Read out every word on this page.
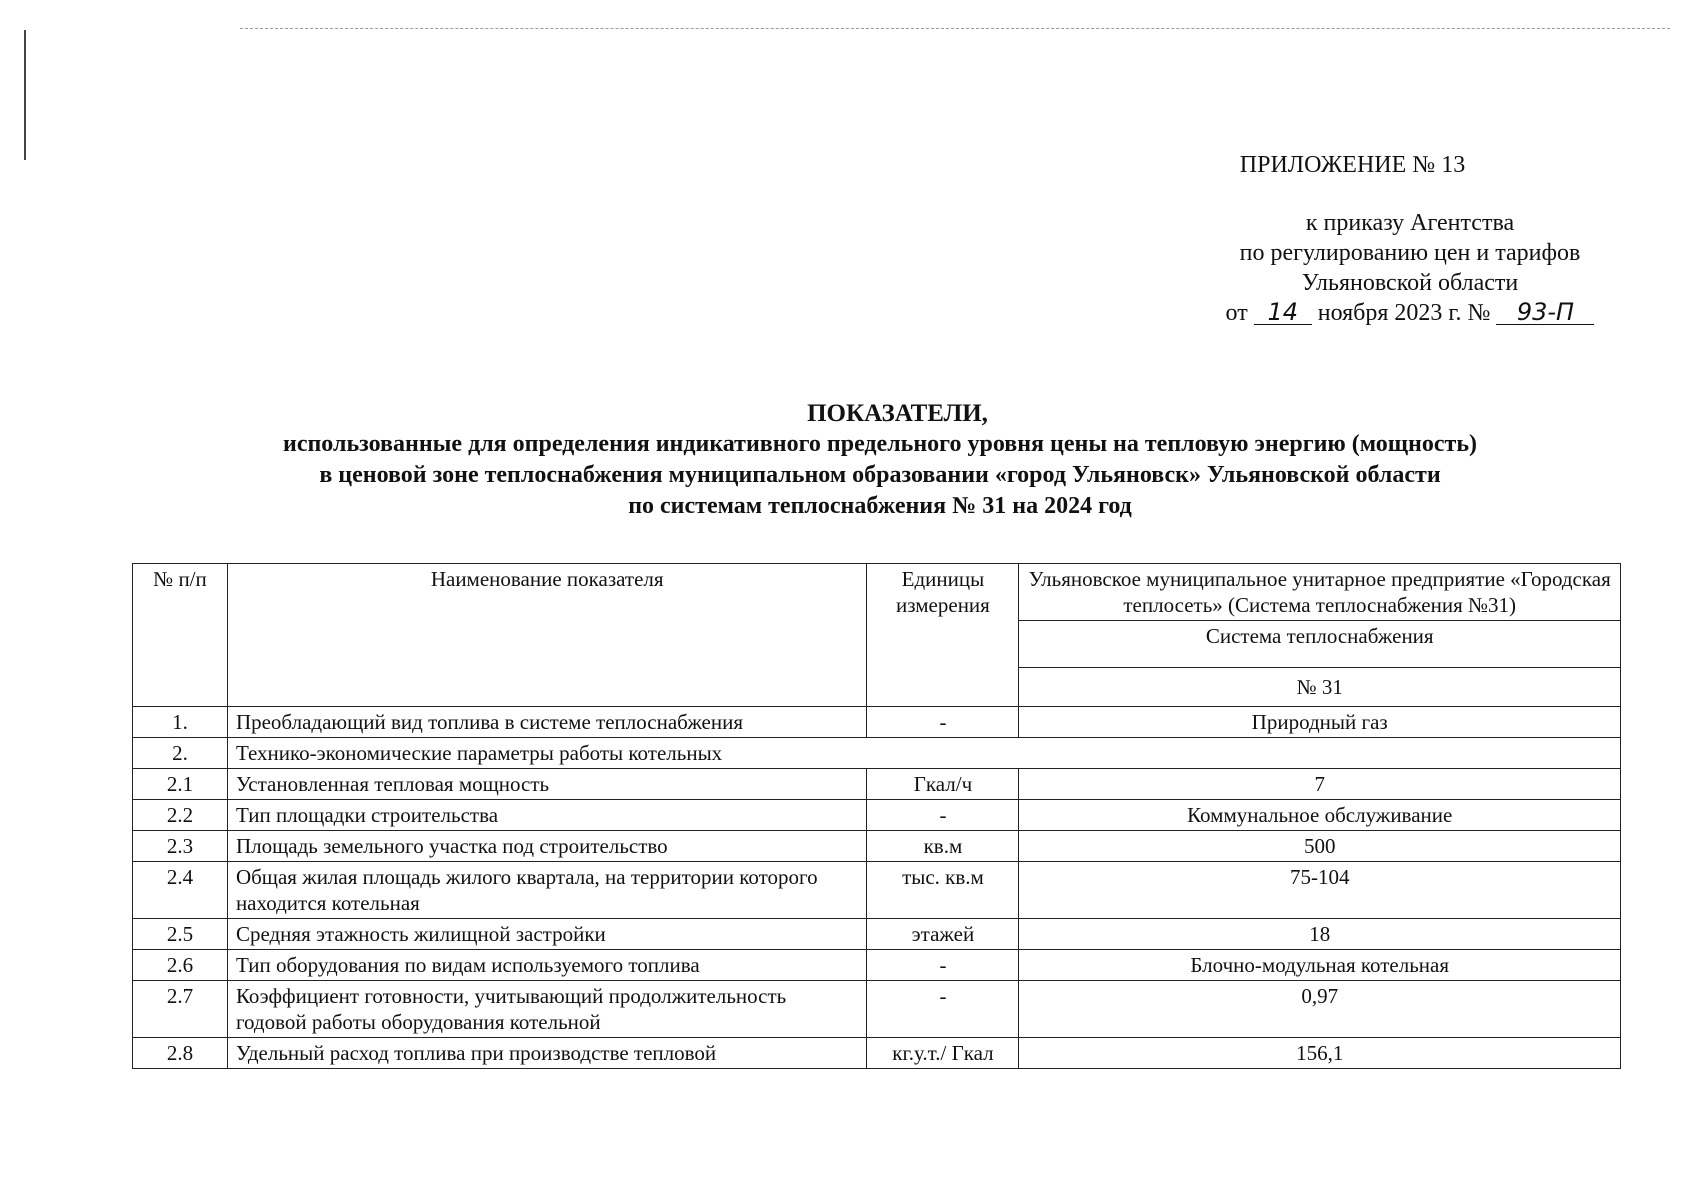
ПРИЛОЖЕНИЕ № 13
к приказу Агентства
по регулированию цен и тарифов
Ульяновской области
от 14 ноября 2023 г. № 93-П
ПОКАЗАТЕЛИ,
использованные для определения индикативного предельного уровня цены на тепловую энергию (мощность)
в ценовой зоне теплоснабжения муниципальном образовании «город Ульяновск» Ульяновской области
по системам теплоснабжения № 31 на 2024 год
№ п/п	Наименование показателя	Единицы измерения	Ульяновское муниципальное унитарное предприятие «Городская теплосеть» (Система теплоснабжения №31)
			Система теплоснабжения
			№ 31
1.	Преобладающий вид топлива в системе теплоснабжения	-	Природный газ
2.	Технико-экономические параметры работы котельных		
2.1	Установленная тепловая мощность	Гкал/ч	7
2.2	Тип площадки строительства	-	Коммунальное обслуживание
2.3	Площадь земельного участка под строительство	кв.м	500
2.4	Общая жилая площадь жилого квартала, на территории которого находится котельная	тыс. кв.м	75-104
2.5	Средняя этажность жилищной застройки	этажей	18
2.6	Тип оборудования по видам используемого топлива	-	Блочно-модульная котельная
2.7	Коэффициент готовности, учитывающий продолжительность годовой работы оборудования котельной	-	0,97
2.8	Удельный расход топлива при производстве тепловой	кг.у.т./ Гкал	156,1
